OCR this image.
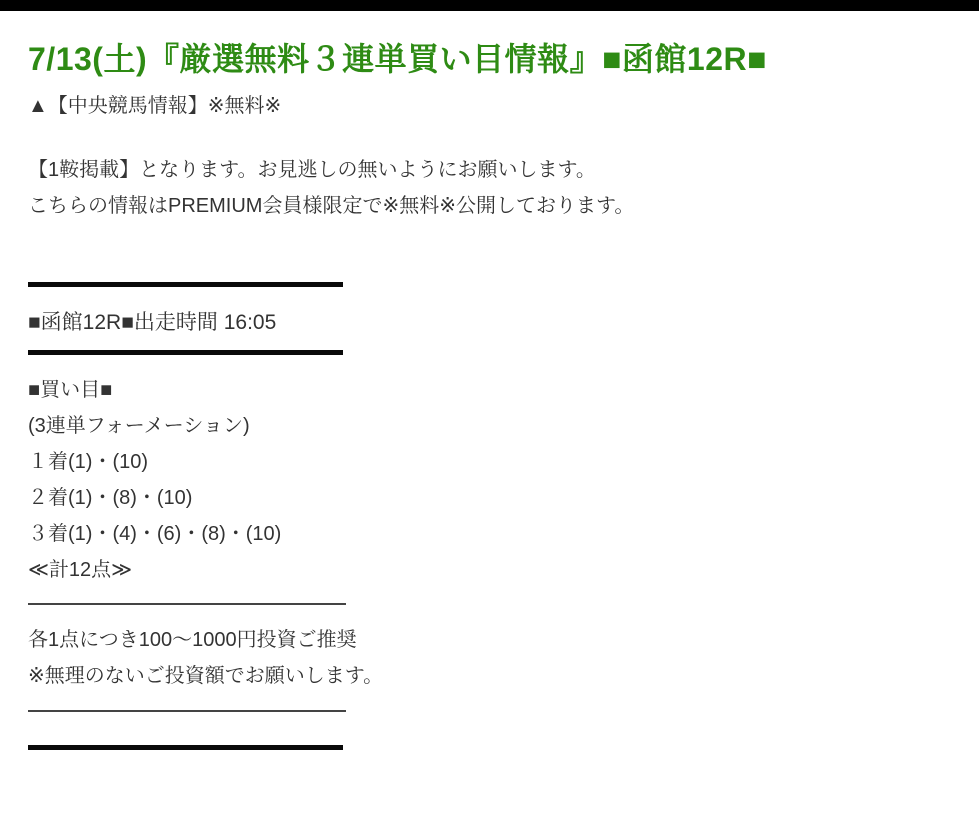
7/13(土)『厳選無料３連単買い目情報』■函館12R■

▲【中央競馬情報】※無料※

【1鞍掲載】となります。お見逃しの無いようにお願いします。

こちらの情報はPREMIUM会員様限定で※無料※公開しております。

■函館12R■出走時間 16:05

■買い目■

(3連単フォーメーション)

１着(1)・(10)

２着(1)・(8)・(10)

３着(1)・(4)・(6)・(8)・(10)

≪計12点≫

各1点につき100～1000円投資ご推奨

※無理のないご投資額でお願いします。
